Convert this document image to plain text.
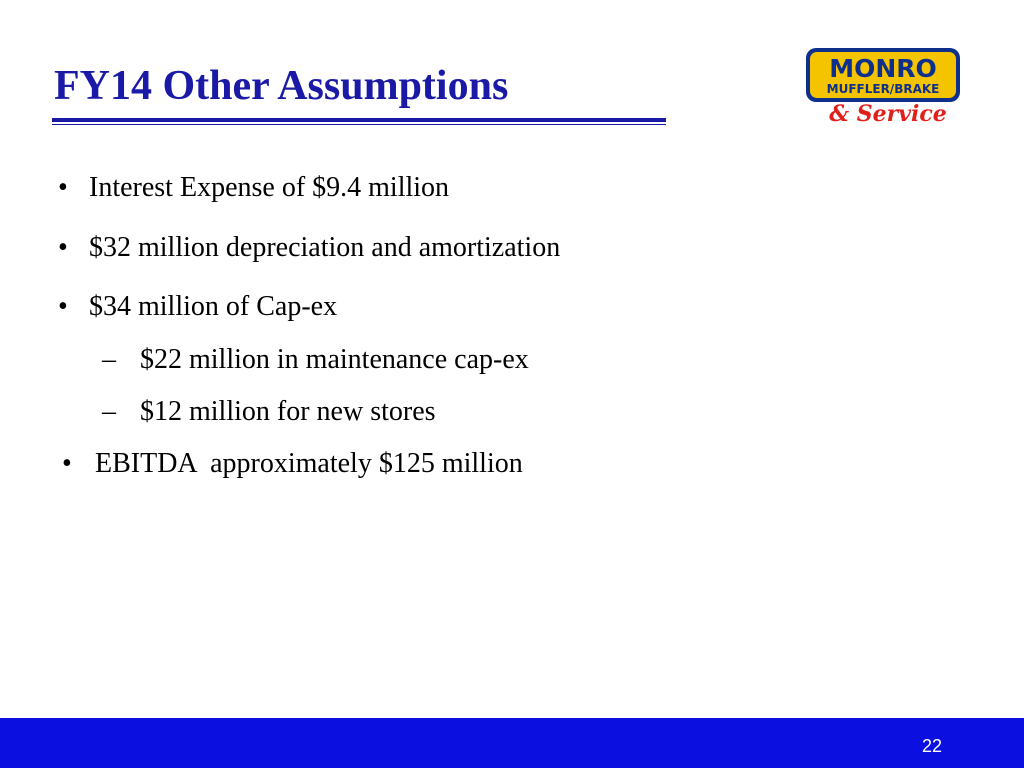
FY14 Other Assumptions	MONRO
MUFFLER/BRAKE
& Service
• Interest Expense of $9.4 million
• $32 million depreciation and amortization
• $34 million of Cap-ex
– $22 million in maintenance cap-ex
– $12 million for new stores
• EBITDA  approximately $125 million
22
